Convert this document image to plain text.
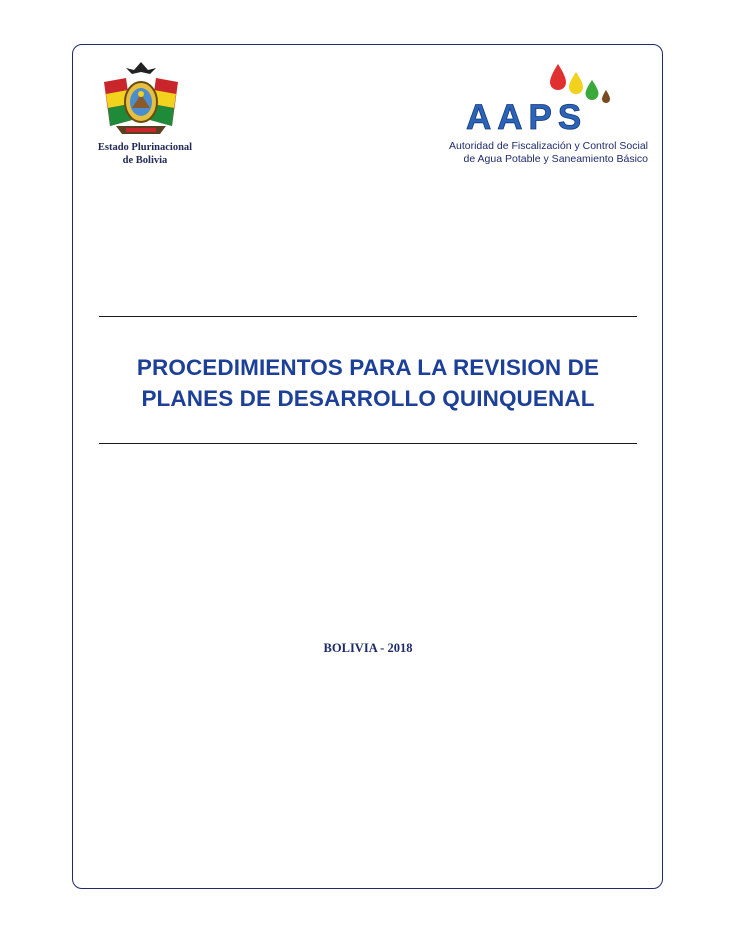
Estado Plurinacional
de Bolivia
AAPS
Autoridad de Fiscalización y Control Social
de Agua Potable y Saneamiento Básico
PROCEDIMIENTOS PARA LA REVISION DE
PLANES DE DESARROLLO QUINQUENAL
BOLIVIA - 2018
